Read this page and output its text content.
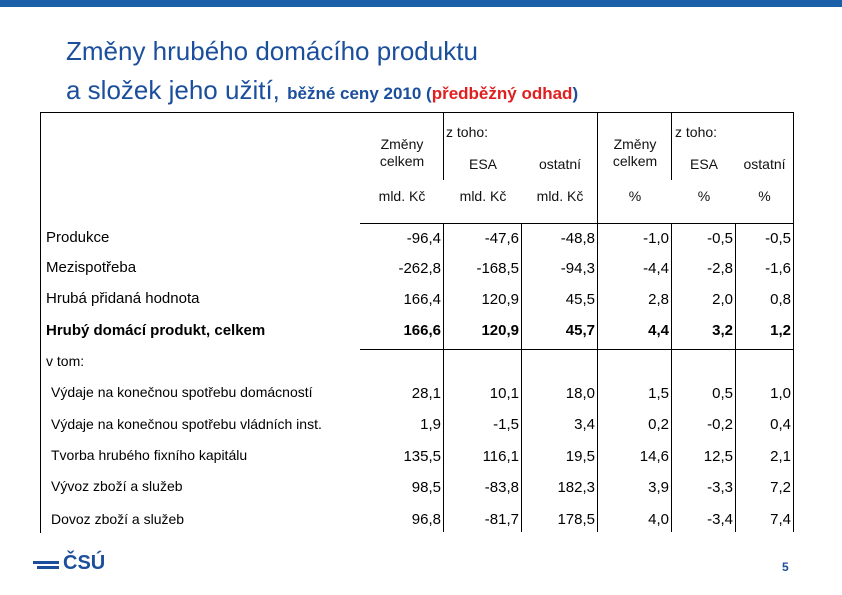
Změny hrubého domácího produktu
a složek jeho užití, běžné ceny 2010 (předběžný odhad)
Změny
celkem
z toho:
ESA	ostatní
Změny
celkem
z toho:
ESA	ostatní
mld. Kč	mld. Kč	mld. Kč	%	%	%
Produkce	-96,4	-47,6	-48,8	-1,0	-0,5	-0,5
Mezispotřeba	-262,8	-168,5	-94,3	-4,4	-2,8	-1,6
Hrubá přidaná hodnota	166,4	120,9	45,5	2,8	2,0	0,8
Hrubý domácí produkt, celkem	166,6	120,9	45,7	4,4	3,2	1,2
v tom:
Výdaje na konečnou spotřebu domácností	28,1	10,1	18,0	1,5	0,5	1,0
Výdaje na konečnou spotřebu vládních inst.	1,9	-1,5	3,4	0,2	-0,2	0,4
Tvorba hrubého fixního kapitálu	135,5	116,1	19,5	14,6	12,5	2,1
Vývoz zboží a služeb	98,5	-83,8	182,3	3,9	-3,3	7,2
Dovoz zboží a služeb	96,8	-81,7	178,5	4,0	-3,4	7,4
ČSÚ	5
